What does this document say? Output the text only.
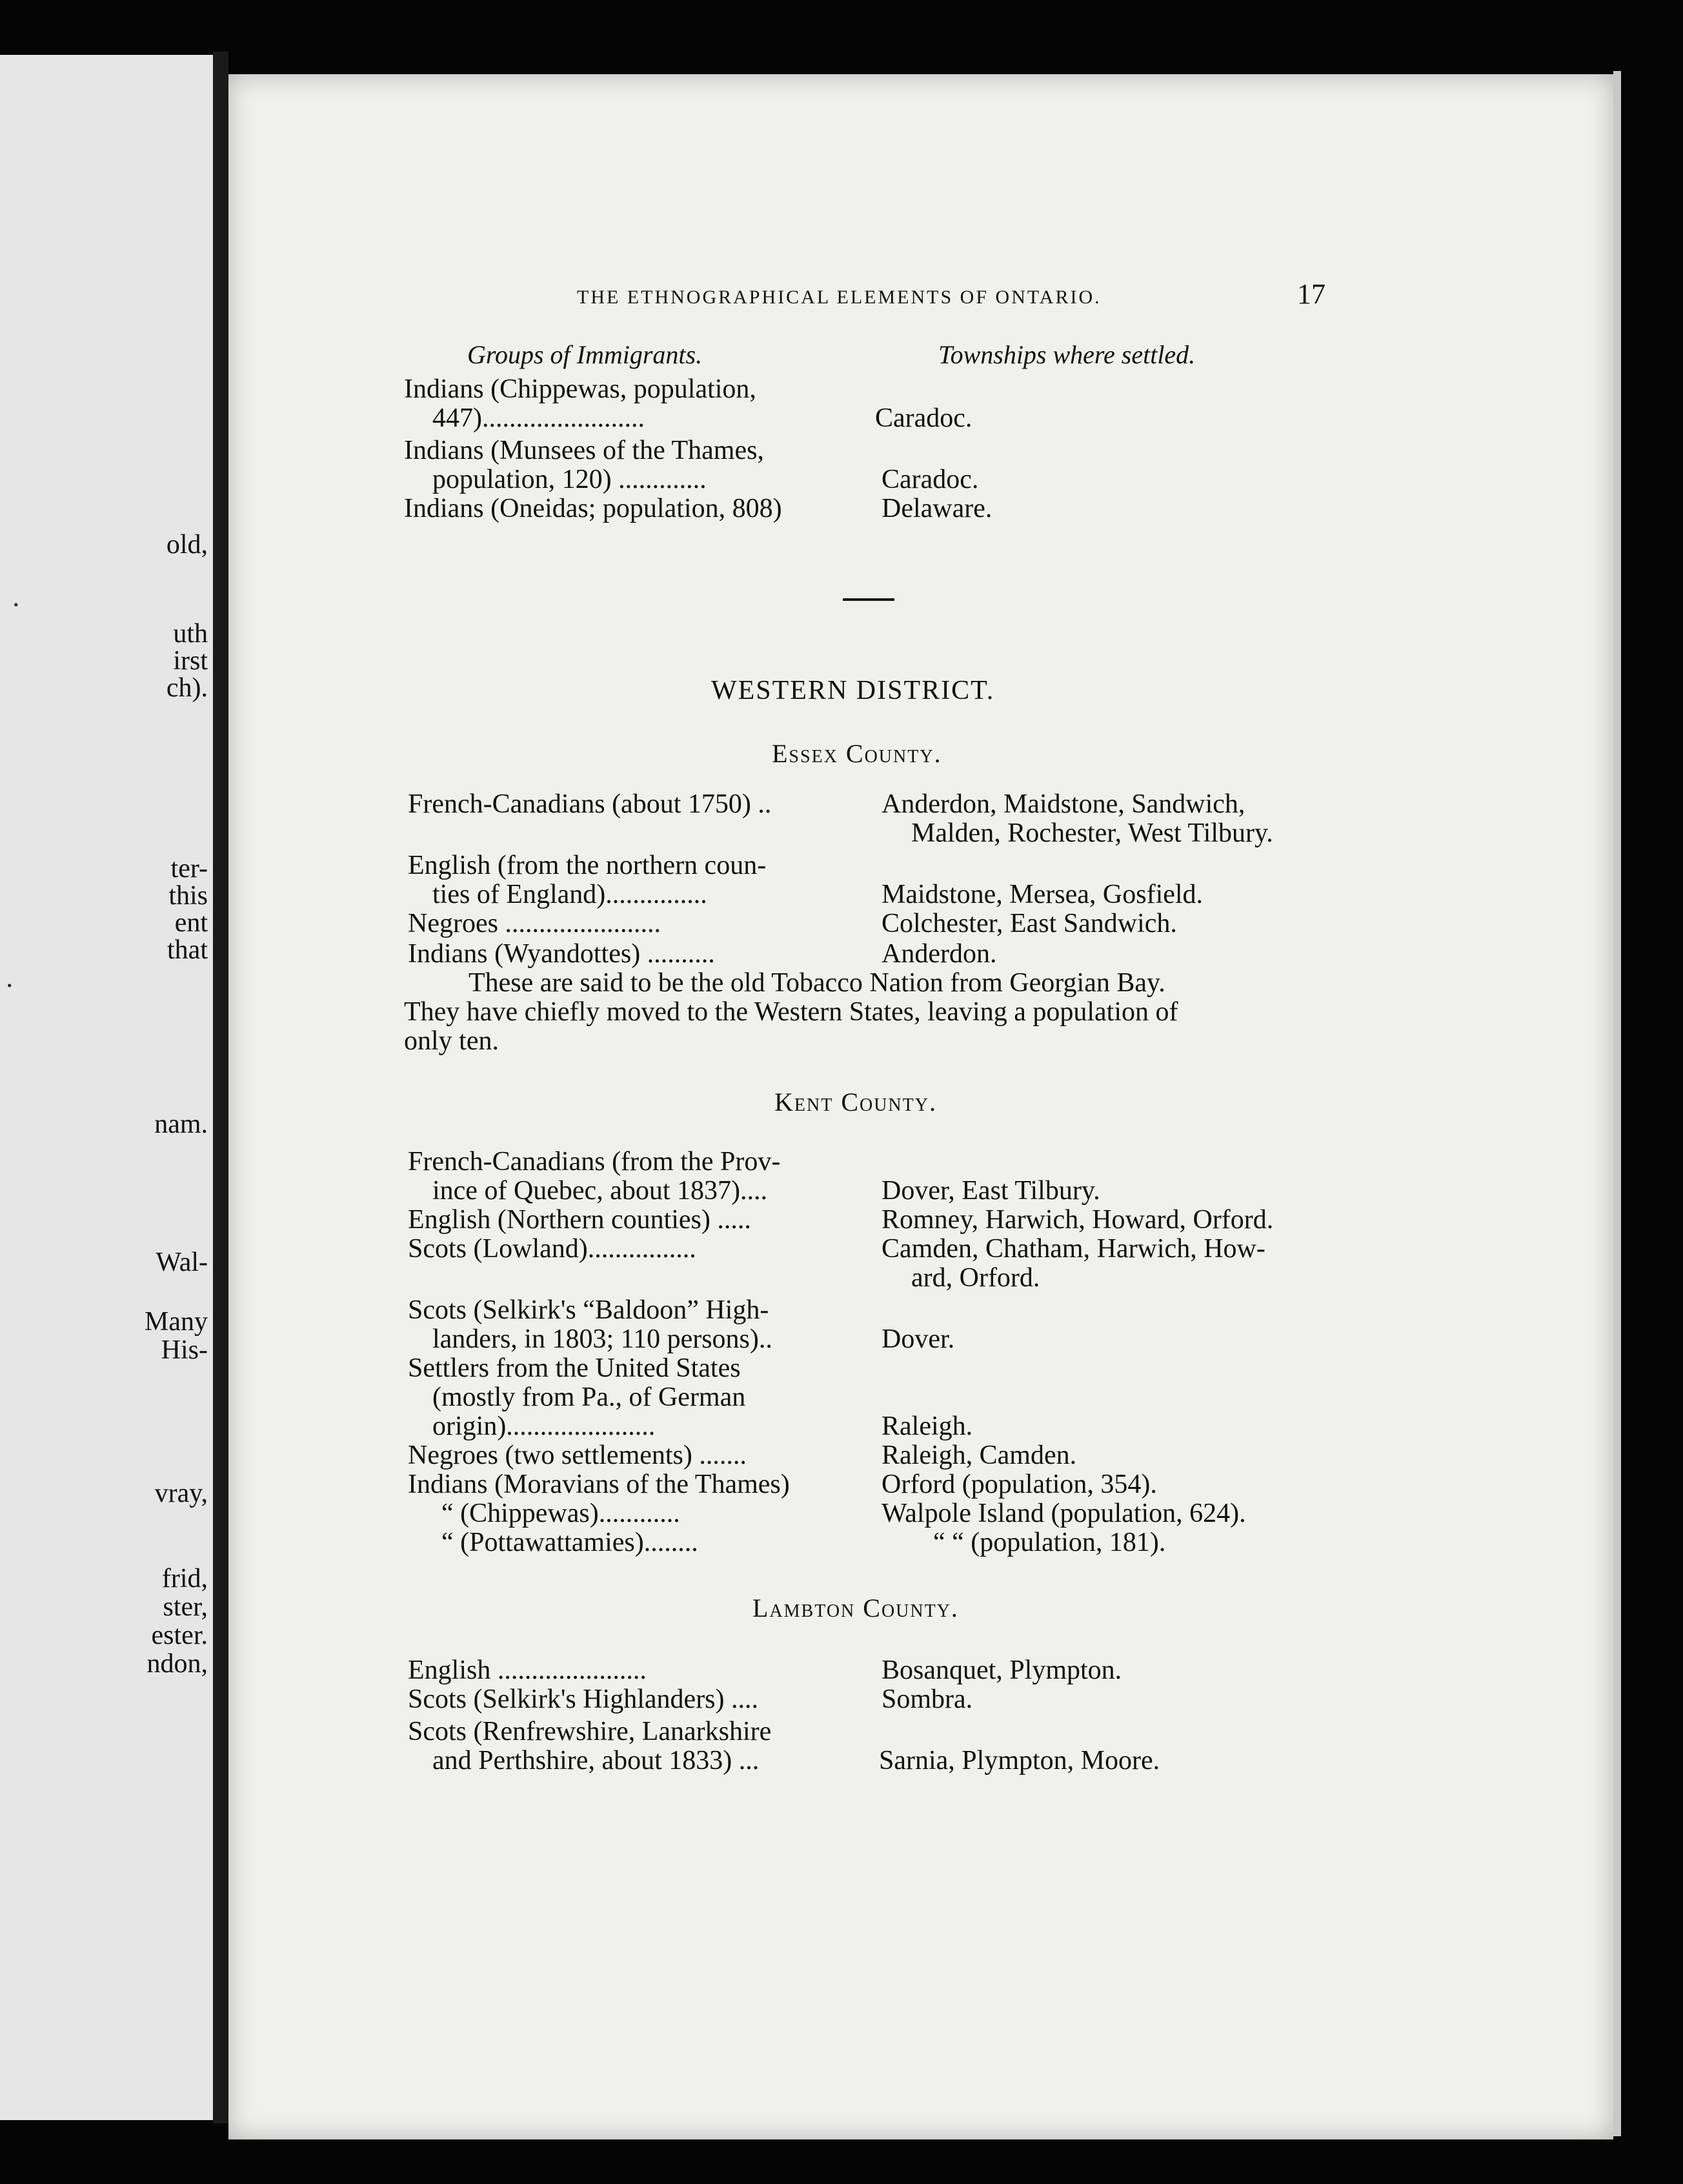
old,
.
uth
irst
ch).
ter-
this
ent
that
.
nam.
Wal-
Many
His-
vray,
frid,
ster,
ester.
ndon,
THE ETHNOGRAPHICAL ELEMENTS OF ONTARIO.	17
Groups of Immigrants.	Townships where settled.
Indians (Chippewas, population,
447)........................	Caradoc.
Indians (Munsees of the Thames,
population, 120) .............	Caradoc.
Indians (Oneidas; population, 808)	Delaware.
WESTERN DISTRICT.
Essex County.
French-Canadians (about 1750) ..	Anderdon, Maidstone, Sandwich,
Malden, Rochester, West Tilbury.
English (from the northern coun-
ties of England)...............	Maidstone, Mersea, Gosfield.
Negroes .......................	Colchester, East Sandwich.
Indians (Wyandottes) ..........	Anderdon.
These are said to be the old Tobacco Nation from Georgian Bay.
They have chiefly moved to the Western States, leaving a population of
only ten.
Kent County.
French-Canadians (from the Prov-
ince of Quebec, about 1837)....	Dover, East Tilbury.
English (Northern counties) .....	Romney, Harwich, Howard, Orford.
Scots (Lowland)................	Camden, Chatham, Harwich, How-
ard, Orford.
Scots (Selkirk's “Baldoon” High-
landers, in 1803; 110 persons)..	Dover.
Settlers from the United States
(mostly from Pa., of German
origin)......................	Raleigh.
Negroes (two settlements) .......	Raleigh, Camden.
Indians (Moravians of the Thames)	Orford (population, 354).
“ (Chippewas)............	Walpole Island (population, 624).
“ (Pottawattamies)........	“ “ (population, 181).
Lambton County.
English ......................	Bosanquet, Plympton.
Scots (Selkirk's Highlanders) ....	Sombra.
Scots (Renfrewshire, Lanarkshire
and Perthshire, about 1833) ...	Sarnia, Plympton, Moore.
